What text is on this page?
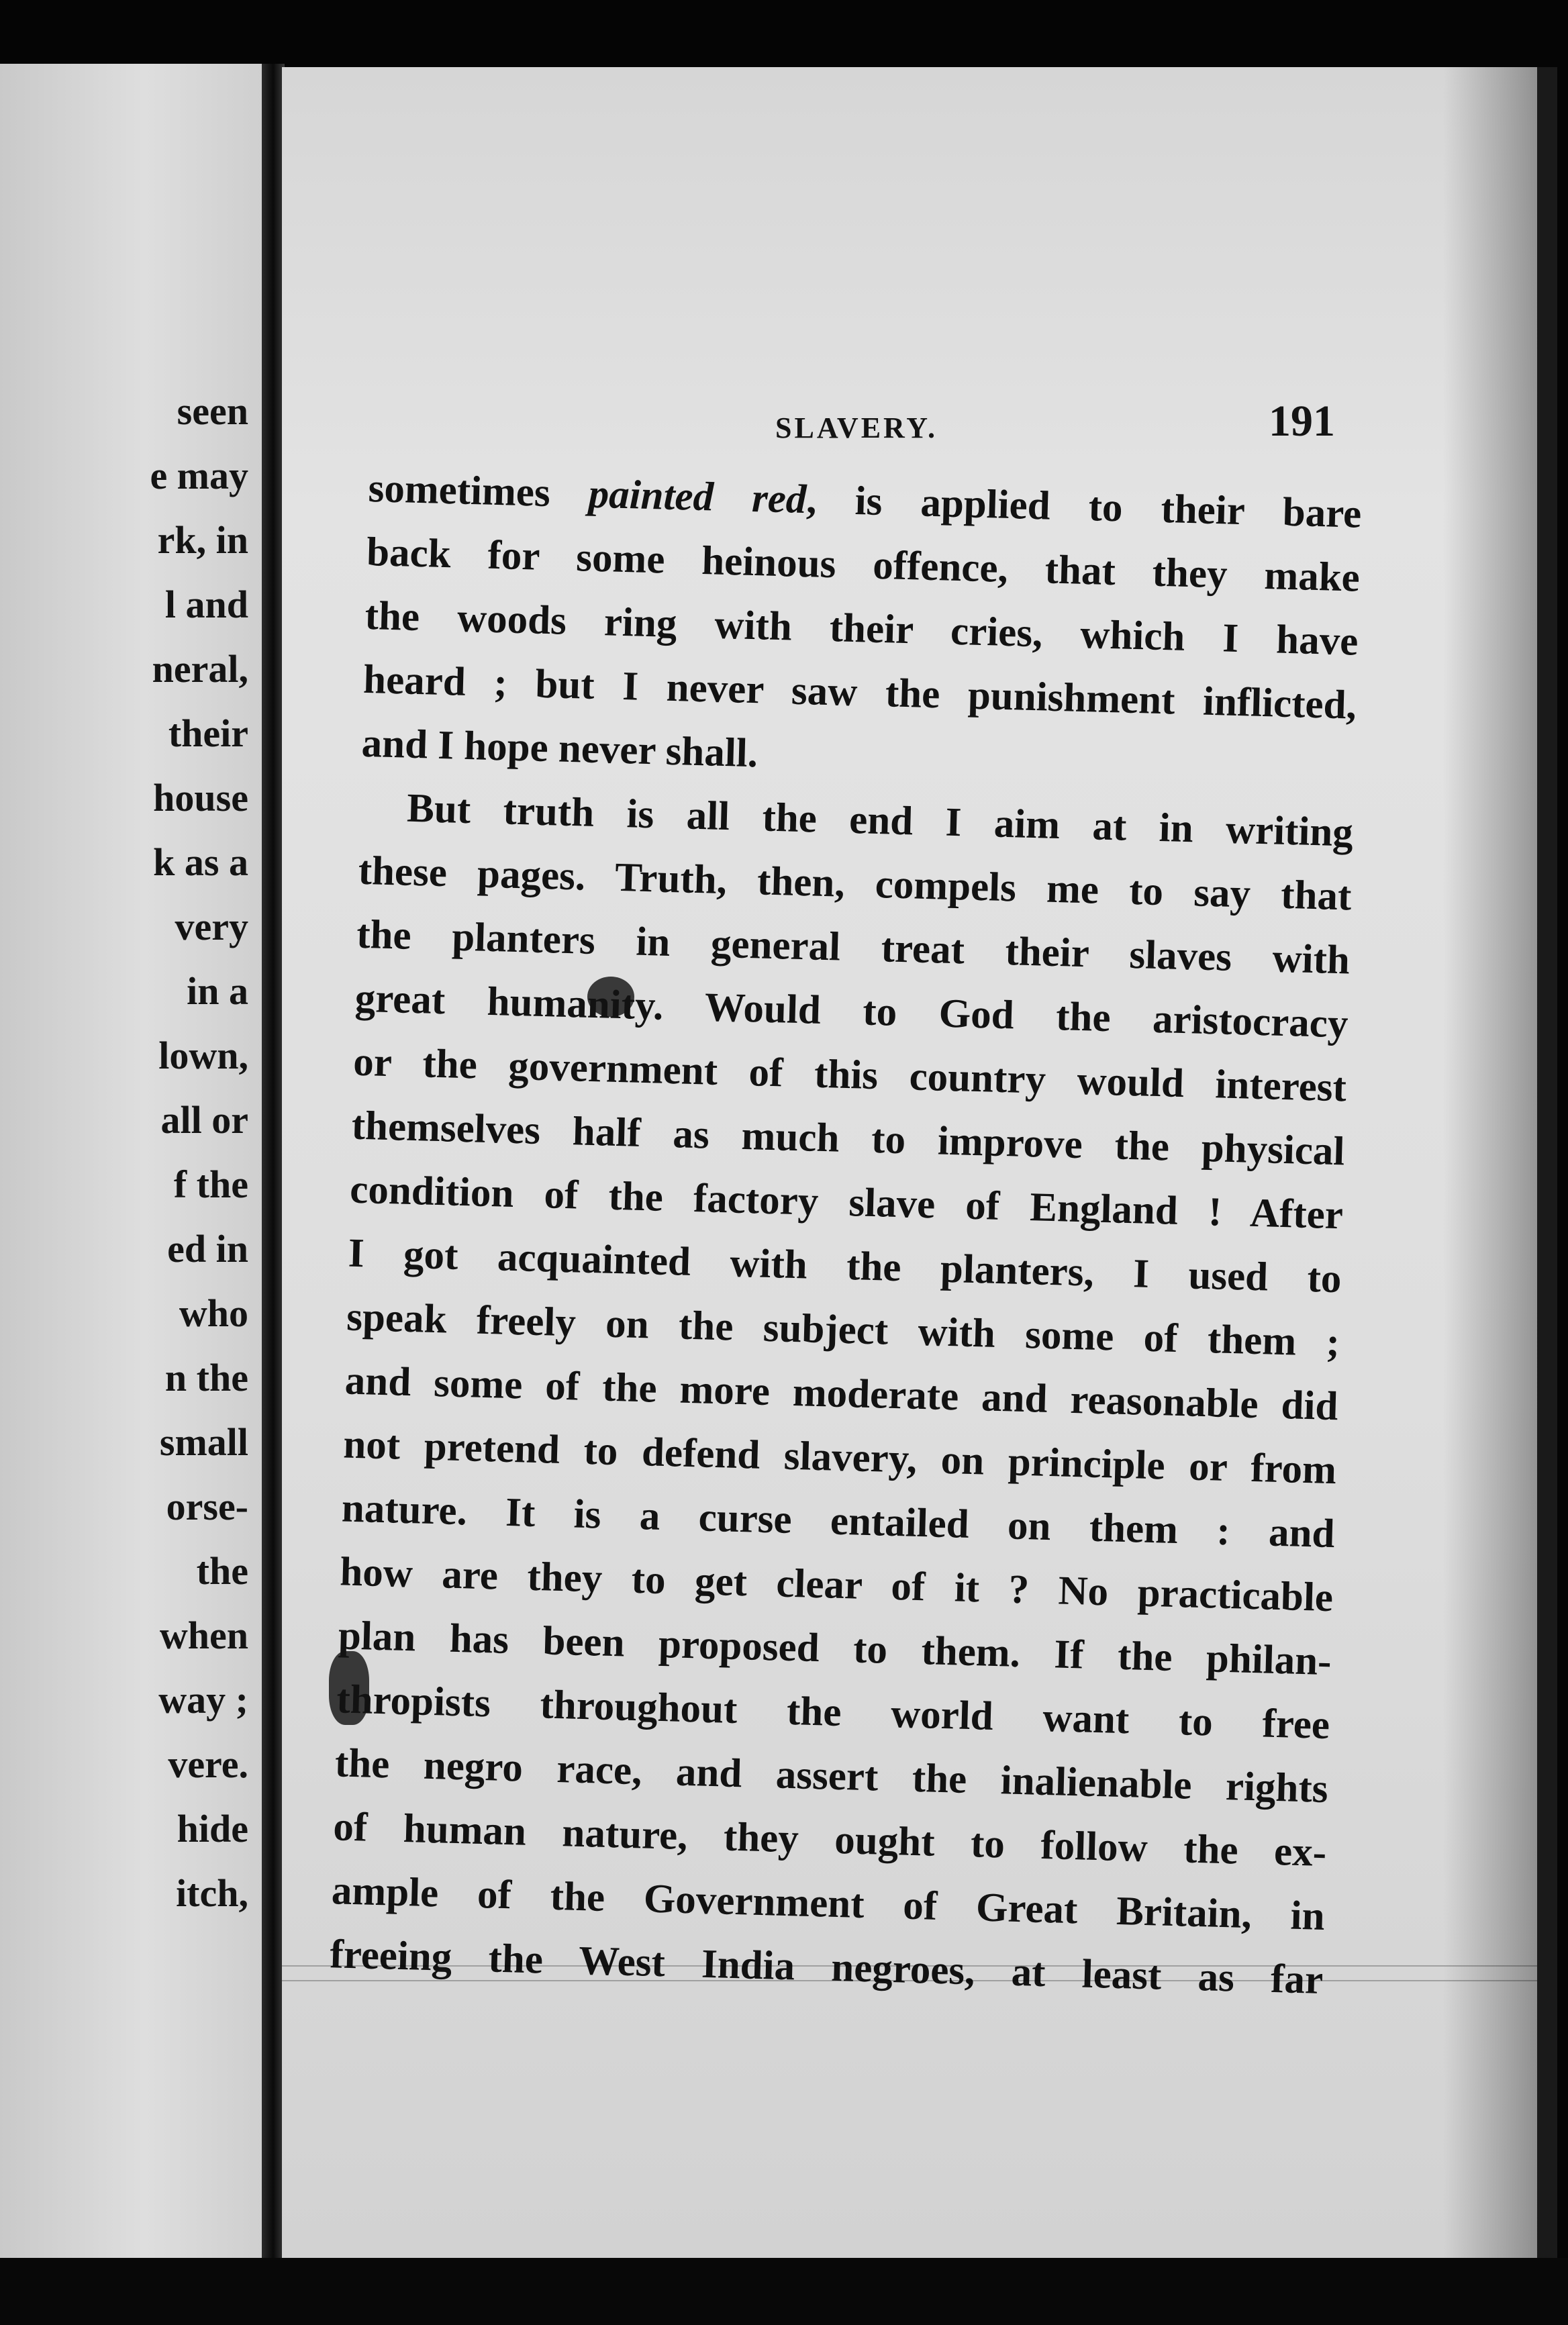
seen
e may
rk, in
l and
neral,
their
house
k as a
very
in a
lown,
all or
f the
ed in
who
n the
small
orse-
the
when
way ;
vere.
hide
itch,
SLAVERY.	191
sometimes painted red, is applied to their bare
back for some heinous offence, that they make
the woods ring with their cries, which I have
heard ; but I never saw the punishment inflicted,
and I hope never shall.
But truth is all the end I aim at in writing
these pages. Truth, then, compels me to say that
the planters in general treat their slaves with
great humanity. Would to God the aristocracy
or the government of this country would interest
themselves half as much to improve the physical
condition of the factory slave of England ! After
I got acquainted with the planters, I used to
speak freely on the subject with some of them ;
and some of the more moderate and reasonable did
not pretend to defend slavery, on principle or from
nature. It is a curse entailed on them : and
how are they to get clear of it ? No practicable
plan has been proposed to them. If the philan-
thropists throughout the world want to free
the negro race, and assert the inalienable rights
of human nature, they ought to follow the ex-
ample of the Government of Great Britain, in
freeing the West India negroes, at least as far
